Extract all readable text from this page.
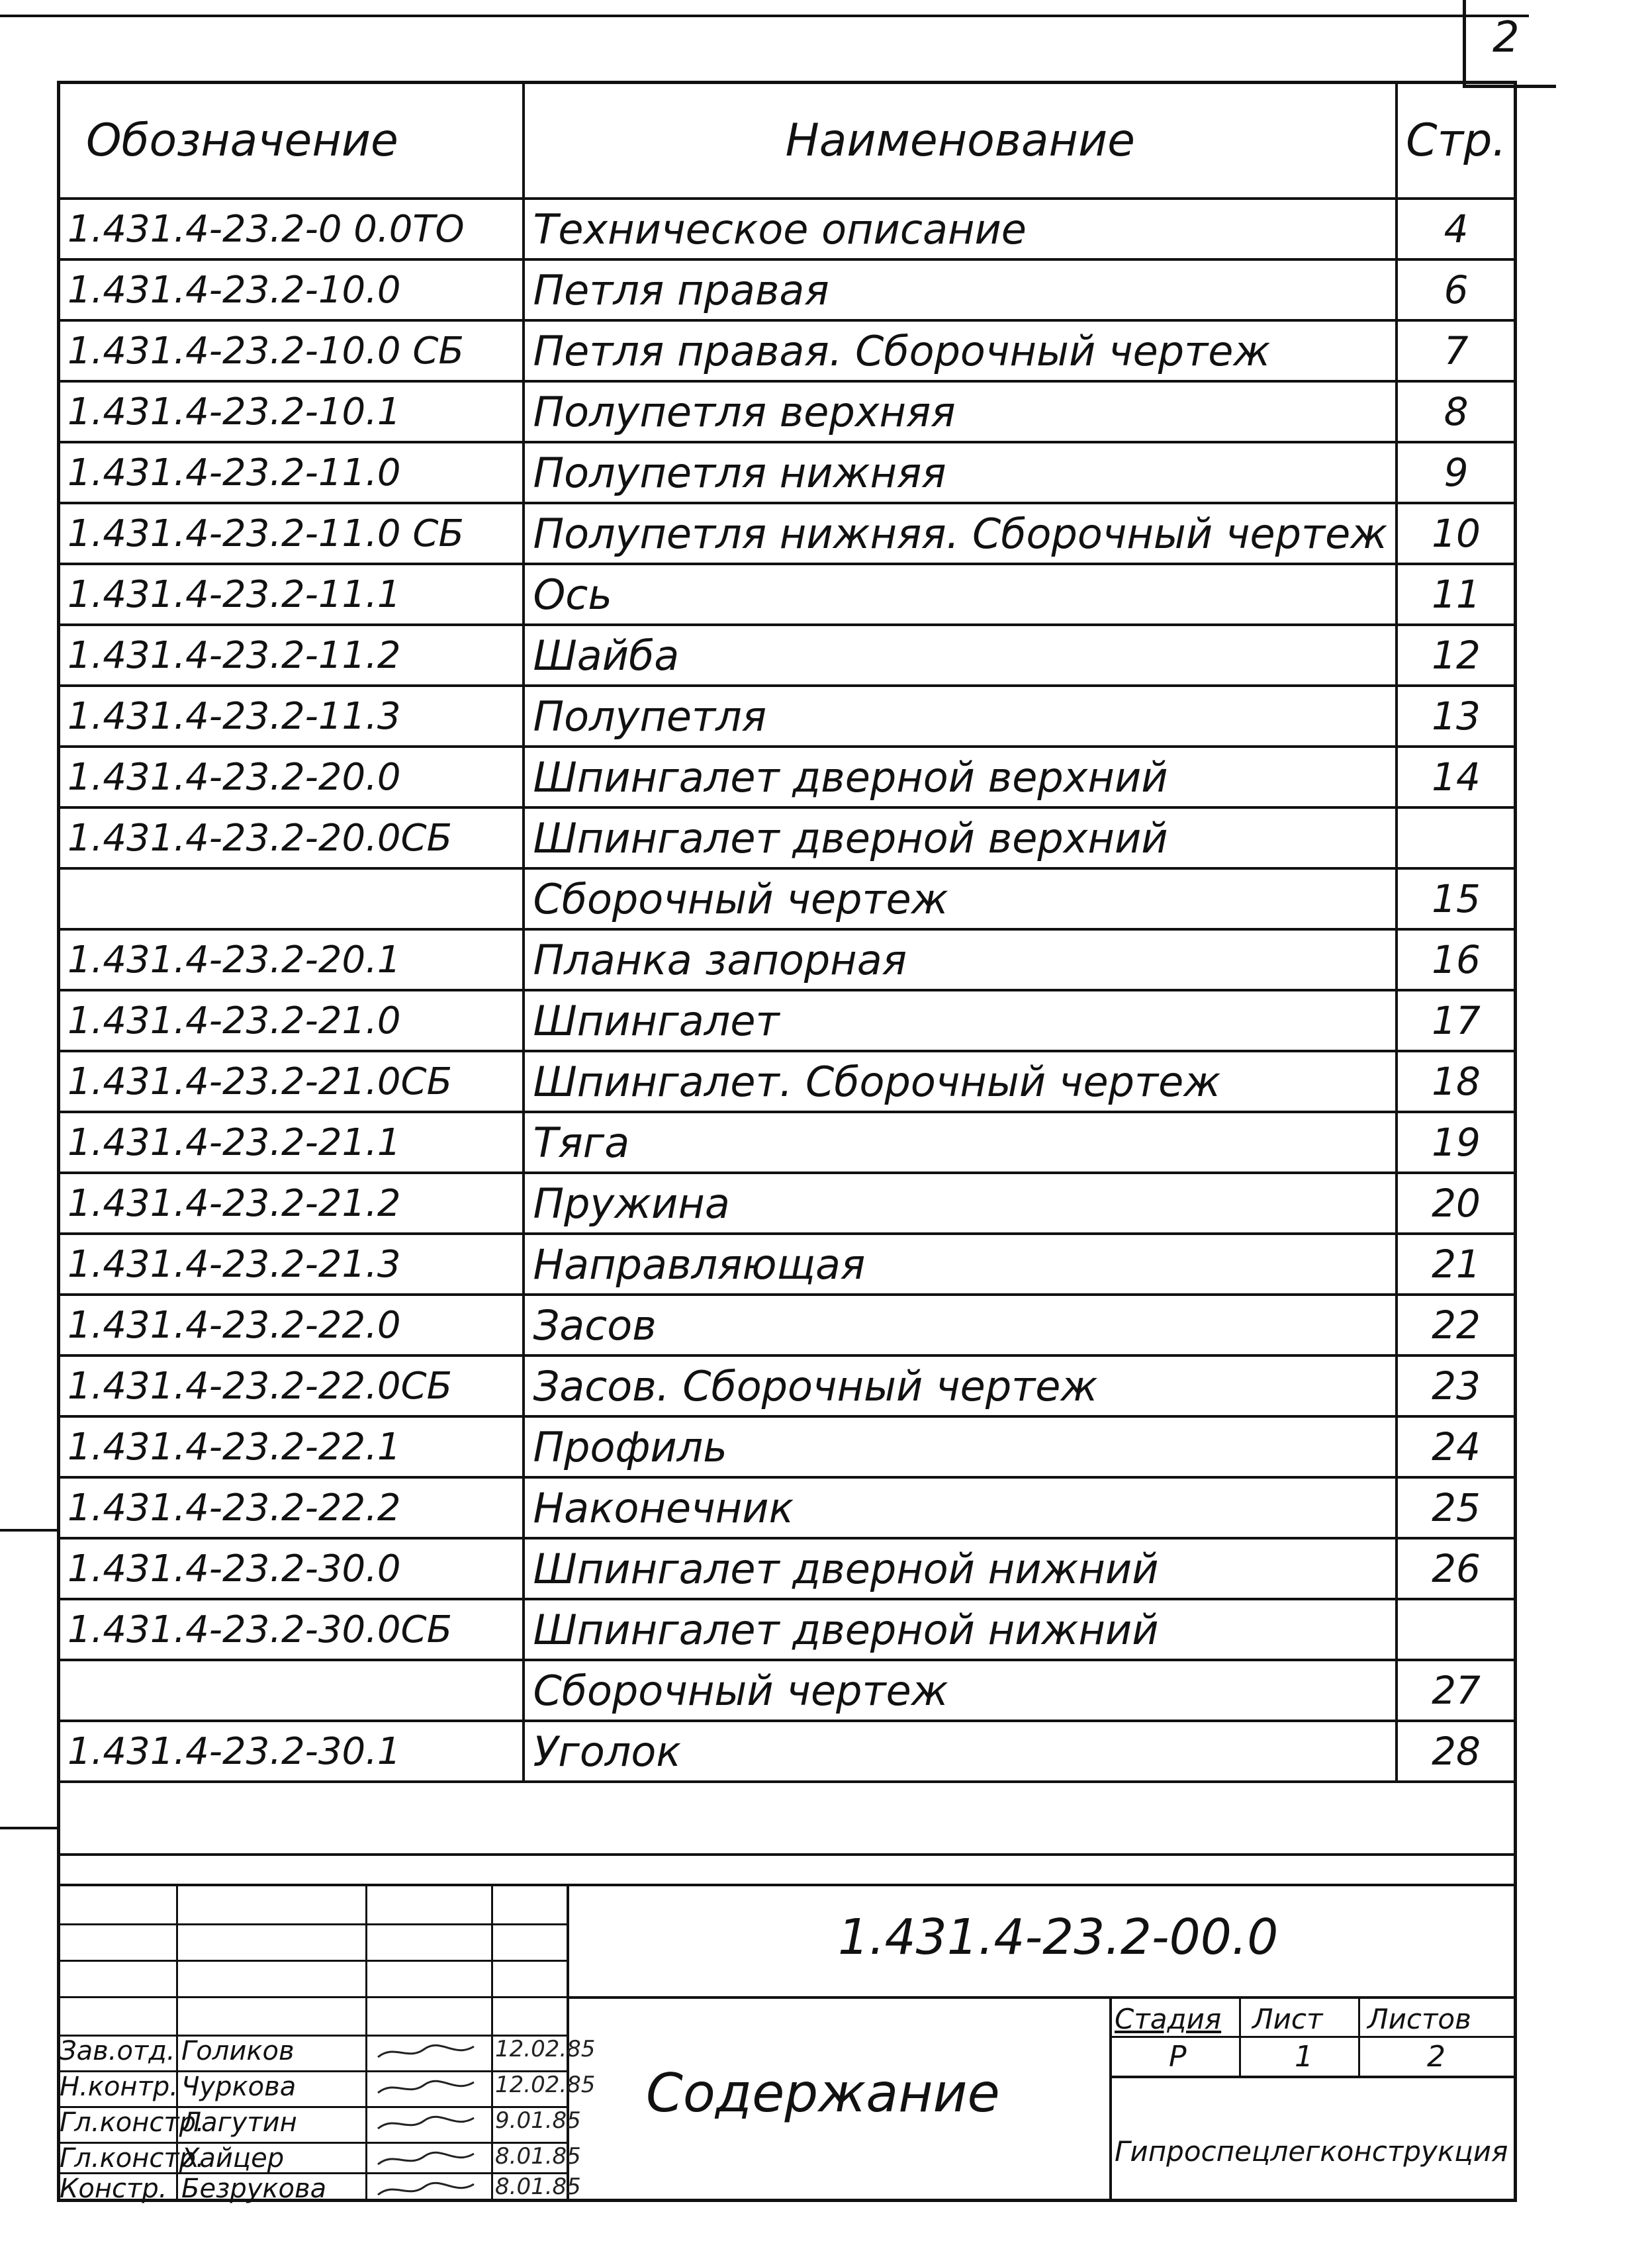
2
Обозначение	Наименование	Стр.
1.431.4-23.2-0 0.0ТО	Техническое описание	4
1.431.4-23.2-10.0	Петля правая	6
1.431.4-23.2-10.0 СБ	Петля правая. Сборочный чертеж	7
1.431.4-23.2-10.1	Полупетля верхняя	8
1.431.4-23.2-11.0	Полупетля нижняя	9
1.431.4-23.2-11.0 СБ	Полупетля нижняя. Сборочный чертеж	10
1.431.4-23.2-11.1	Ось	11
1.431.4-23.2-11.2	Шайба	12
1.431.4-23.2-11.3	Полупетля	13
1.431.4-23.2-20.0	Шпингалет дверной верхний	14
1.431.4-23.2-20.0СБ	Шпингалет дверной верхний	
	Сборочный чертеж	15
1.431.4-23.2-20.1	Планка запорная	16
1.431.4-23.2-21.0	Шпингалет	17
1.431.4-23.2-21.0СБ	Шпингалет. Сборочный чертеж	18
1.431.4-23.2-21.1	Тяга	19
1.431.4-23.2-21.2	Пружина	20
1.431.4-23.2-21.3	Направляющая	21
1.431.4-23.2-22.0	Засов	22
1.431.4-23.2-22.0СБ	Засов. Сборочный чертеж	23
1.431.4-23.2-22.1	Профиль	24
1.431.4-23.2-22.2	Наконечник	25
1.431.4-23.2-30.0	Шпингалет дверной нижний	26
1.431.4-23.2-30.0СБ	Шпингалет дверной нижний	
	Сборочный чертеж	27
1.431.4-23.2-30.1	Уголок	28

1.431.4-23.2-00.0
Содержание
Стадия Лист Листов
Р	1	2
Гипроспецлегконструкция
Зав.отд. Голиков	12.02.85
Н.контр. Чуркова	12.02.85
Гл.констр.
Лагутин	9.01.85
Гл.констр.
Хайцер	8.01.85
Констр. Безрукова	8.01.85
